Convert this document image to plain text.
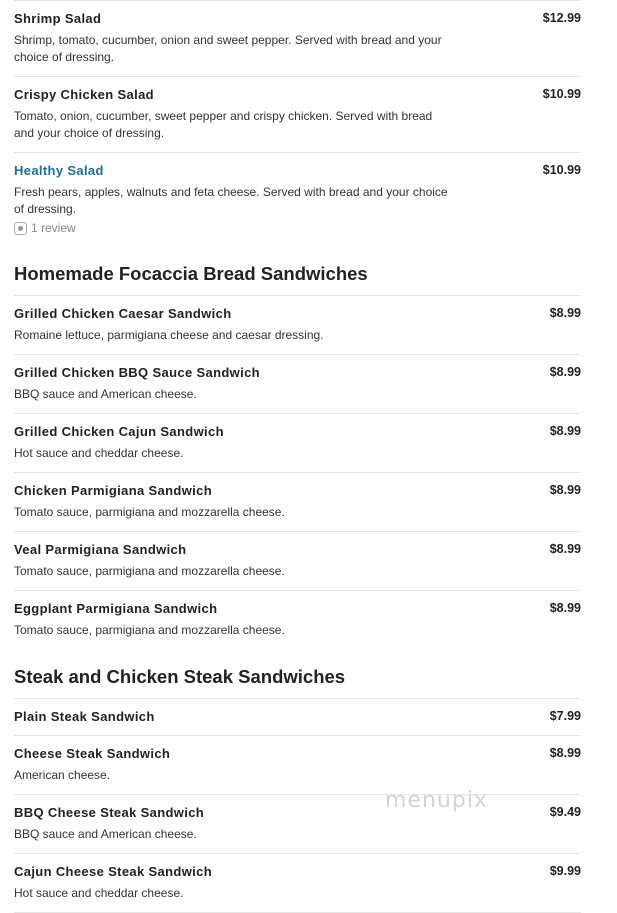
Shrimp Salad	$12.99
Shrimp, tomato, cucumber, onion and sweet pepper. Served with bread and your choice of dressing.
Crispy Chicken Salad	$10.99
Tomato, onion, cucumber, sweet pepper and crispy chicken. Served with bread and your choice of dressing.
Healthy Salad	$10.99
Fresh pears, apples, walnuts and feta cheese. Served with bread and your choice of dressing.
1 review
Homemade Focaccia Bread Sandwiches
Grilled Chicken Caesar Sandwich	$8.99
Romaine lettuce, parmigiana cheese and caesar dressing.
Grilled Chicken BBQ Sauce Sandwich	$8.99
BBQ sauce and American cheese.
Grilled Chicken Cajun Sandwich	$8.99
Hot sauce and cheddar cheese.
Chicken Parmigiana Sandwich	$8.99
Tomato sauce, parmigiana and mozzarella cheese.
Veal Parmigiana Sandwich	$8.99
Tomato sauce, parmigiana and mozzarella cheese.
Eggplant Parmigiana Sandwich	$8.99
Tomato sauce, parmigiana and mozzarella cheese.
Steak and Chicken Steak Sandwiches
Plain Steak Sandwich	$7.99
Cheese Steak Sandwich	$8.99
American cheese.
BBQ Cheese Steak Sandwich	$9.49
BBQ sauce and American cheese.
Cajun Cheese Steak Sandwich	$9.99
Hot sauce and cheddar cheese.
menupix
